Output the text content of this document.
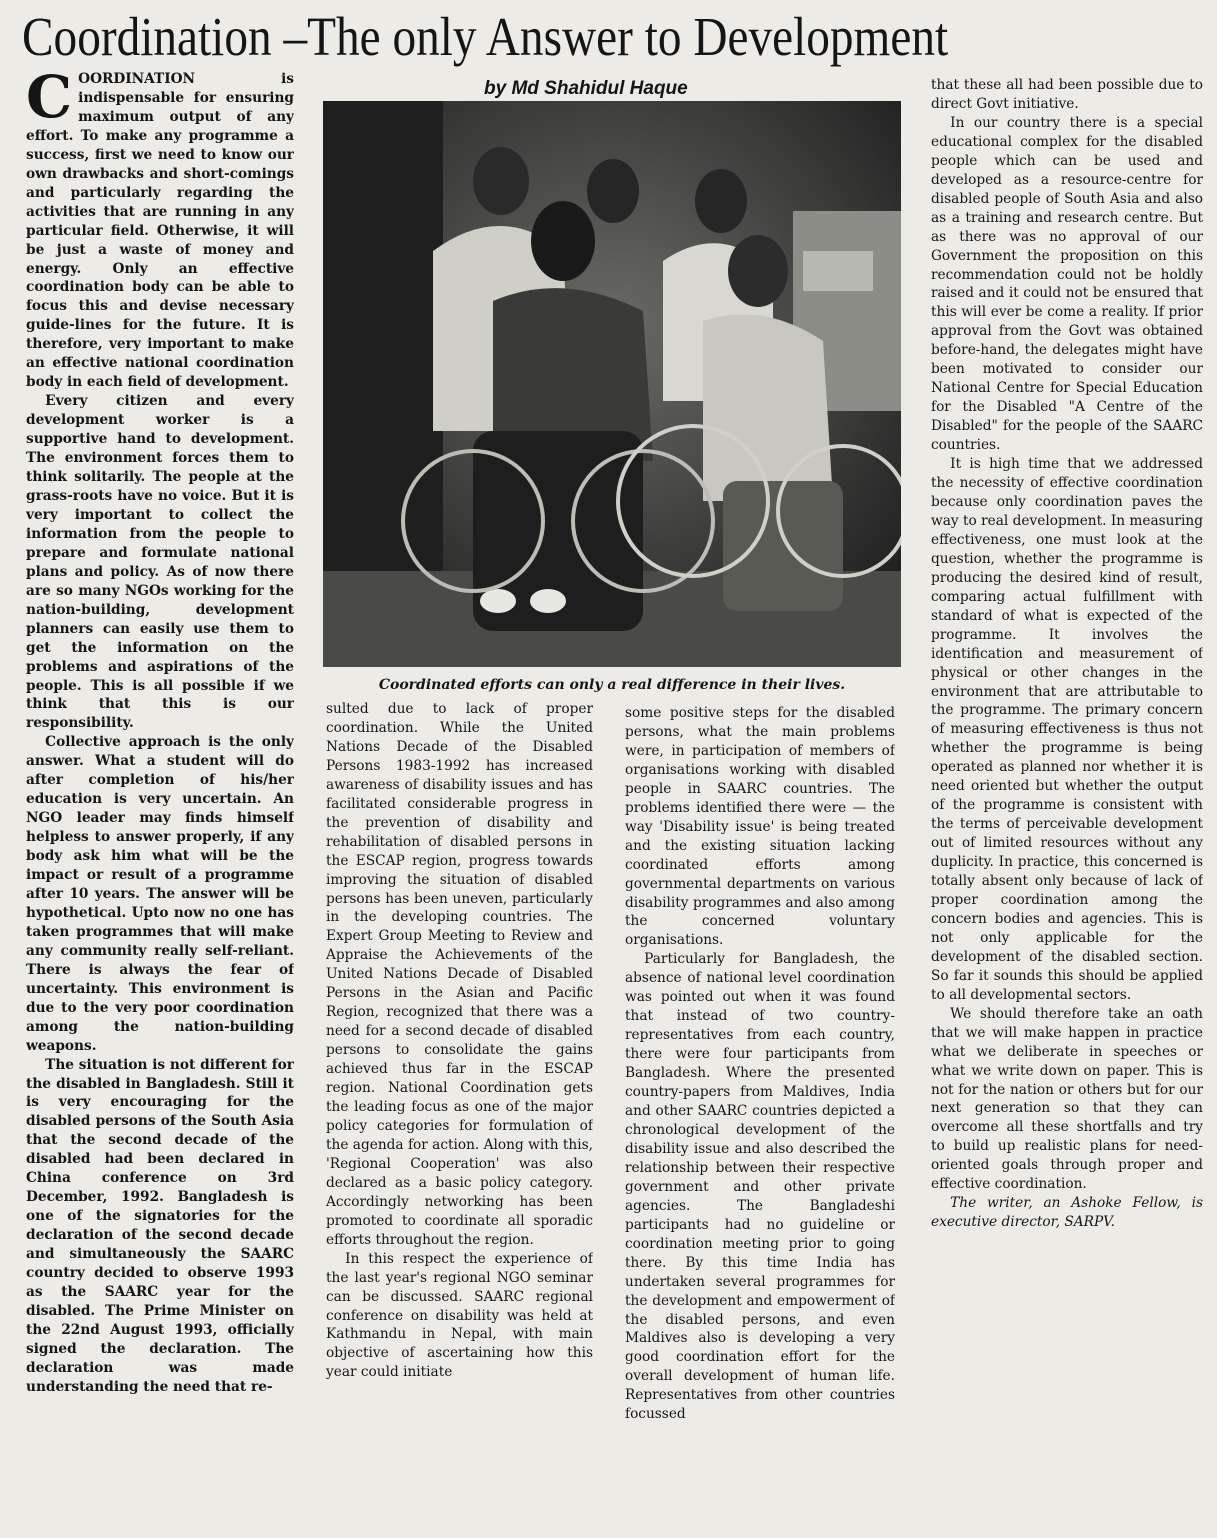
Coordination –The only Answer to Development
by Md Shahidul Haque

COORDINATION is indispensable for ensuring maximum output of any effort. To make any programme a success, first we need to know our own drawbacks and short-comings and particularly regarding the activities that are running in any particular field. Otherwise, it will be just a waste of money and energy. Only an effective coordination body can be able to focus this and devise necessary guide-lines for the future. It is therefore, very important to make an effective national coordination body in each field of development.

Every citizen and every development worker is a supportive hand to development. The environment forces them to think solitarily. The people at the grass-roots have no voice. But it is very important to collect the information from the people to prepare and formulate national plans and policy. As of now there are so many NGOs working for the nation-building, development planners can easily use them to get the information on the problems and aspirations of the people. This is all possible if we think that this is our responsibility.

Collective approach is the only answer. What a student will do after completion of his/her education is very uncertain. An NGO leader may finds himself helpless to answer properly, if any body ask him what will be the impact or result of a programme after 10 years. The answer will be hypothetical. Upto now no one has taken programmes that will make any community really self-reliant. There is always the fear of uncertainty. This environment is due to the very poor coordination among the nation-building weapons.

The situation is not different for the disabled in Bangladesh. Still it is very encouraging for the disabled persons of the South Asia that the second decade of the disabled had been declared in China conference on 3rd December, 1992. Bangladesh is one of the signatories for the declaration of the second decade and simultaneously the SAARC country decided to observe 1993 as the SAARC year for the disabled. The Prime Minister on the 22nd August 1993, officially signed the declaration. The declaration was made understanding the need that re-

Coordinated efforts can only a real difference in their lives.

sulted due to lack of proper coordination. While the United Nations Decade of the Disabled Persons 1983-1992 has increased awareness of disability issues and has facilitated considerable progress in the prevention of disability and rehabilitation of disabled persons in the ESCAP region, progress towards improving the situation of disabled persons has been uneven, particularly in the developing countries. The Expert Group Meeting to Review and Appraise the Achievements of the United Nations Decade of Disabled Persons in the Asian and Pacific Region, recognized that there was a need for a second decade of disabled persons to consolidate the gains achieved thus far in the ESCAP region. National Coordination gets the leading focus as one of the major policy categories for formulation of the agenda for action. Along with this, 'Regional Cooperation' was also declared as a basic policy category. Accordingly networking has been promoted to coordinate all sporadic efforts throughout the region.

In this respect the experience of the last year's regional NGO seminar can be discussed. SAARC regional conference on disability was held at Kathmandu in Nepal, with main objective of ascertaining how this year could initiate

some positive steps for the disabled persons, what the main problems were, in participation of members of organisations working with disabled people in SAARC countries. The problems identified there were — the way 'Disability issue' is being treated and the existing situation lacking coordinated efforts among governmental departments on various disability programmes and also among the concerned voluntary organisations.

Particularly for Bangladesh, the absence of national level coordination was pointed out when it was found that instead of two country-representatives from each country, there were four participants from Bangladesh. Where the presented country-papers from Maldives, India and other SAARC countries depicted a chronological development of the disability issue and also described the relationship between their respective government and other private agencies. The Bangladeshi participants had no guideline or coordination meeting prior to going there. By this time India has undertaken several programmes for the development and empowerment of the disabled persons, and even Maldives also is developing a very good coordination effort for the overall development of human life. Representatives from other countries focussed

that these all had been possible due to direct Govt initiative.

In our country there is a special educational complex for the disabled people which can be used and developed as a resource-centre for disabled people of South Asia and also as a training and research centre. But as there was no approval of our Government the proposition on this recommendation could not be holdly raised and it could not be ensured that this will ever be come a reality. If prior approval from the Govt was obtained before-hand, the delegates might have been motivated to consider our National Centre for Special Education for the Disabled "A Centre of the Disabled" for the people of the SAARC countries.

It is high time that we addressed the necessity of effective coordination because only coordination paves the way to real development. In measuring effectiveness, one must look at the question, whether the programme is producing the desired kind of result, comparing actual fulfillment with standard of what is expected of the programme. It involves the identification and measurement of physical or other changes in the environment that are attributable to the programme. The primary concern of measuring effectiveness is thus not whether the programme is being operated as planned nor whether it is need oriented but whether the output of the programme is consistent with the terms of perceivable development out of limited resources without any duplicity. In practice, this concerned is totally absent only because of lack of proper coordination among the concern bodies and agencies. This is not only applicable for the development of the disabled section. So far it sounds this should be applied to all developmental sectors.

We should therefore take an oath that we will make happen in practice what we deliberate in speeches or what we write down on paper. This is not for the nation or others but for our next generation so that they can overcome all these shortfalls and try to build up realistic plans for need-oriented goals through proper and effective coordination.

The writer, an Ashoke Fellow, is executive director, SARPV.
